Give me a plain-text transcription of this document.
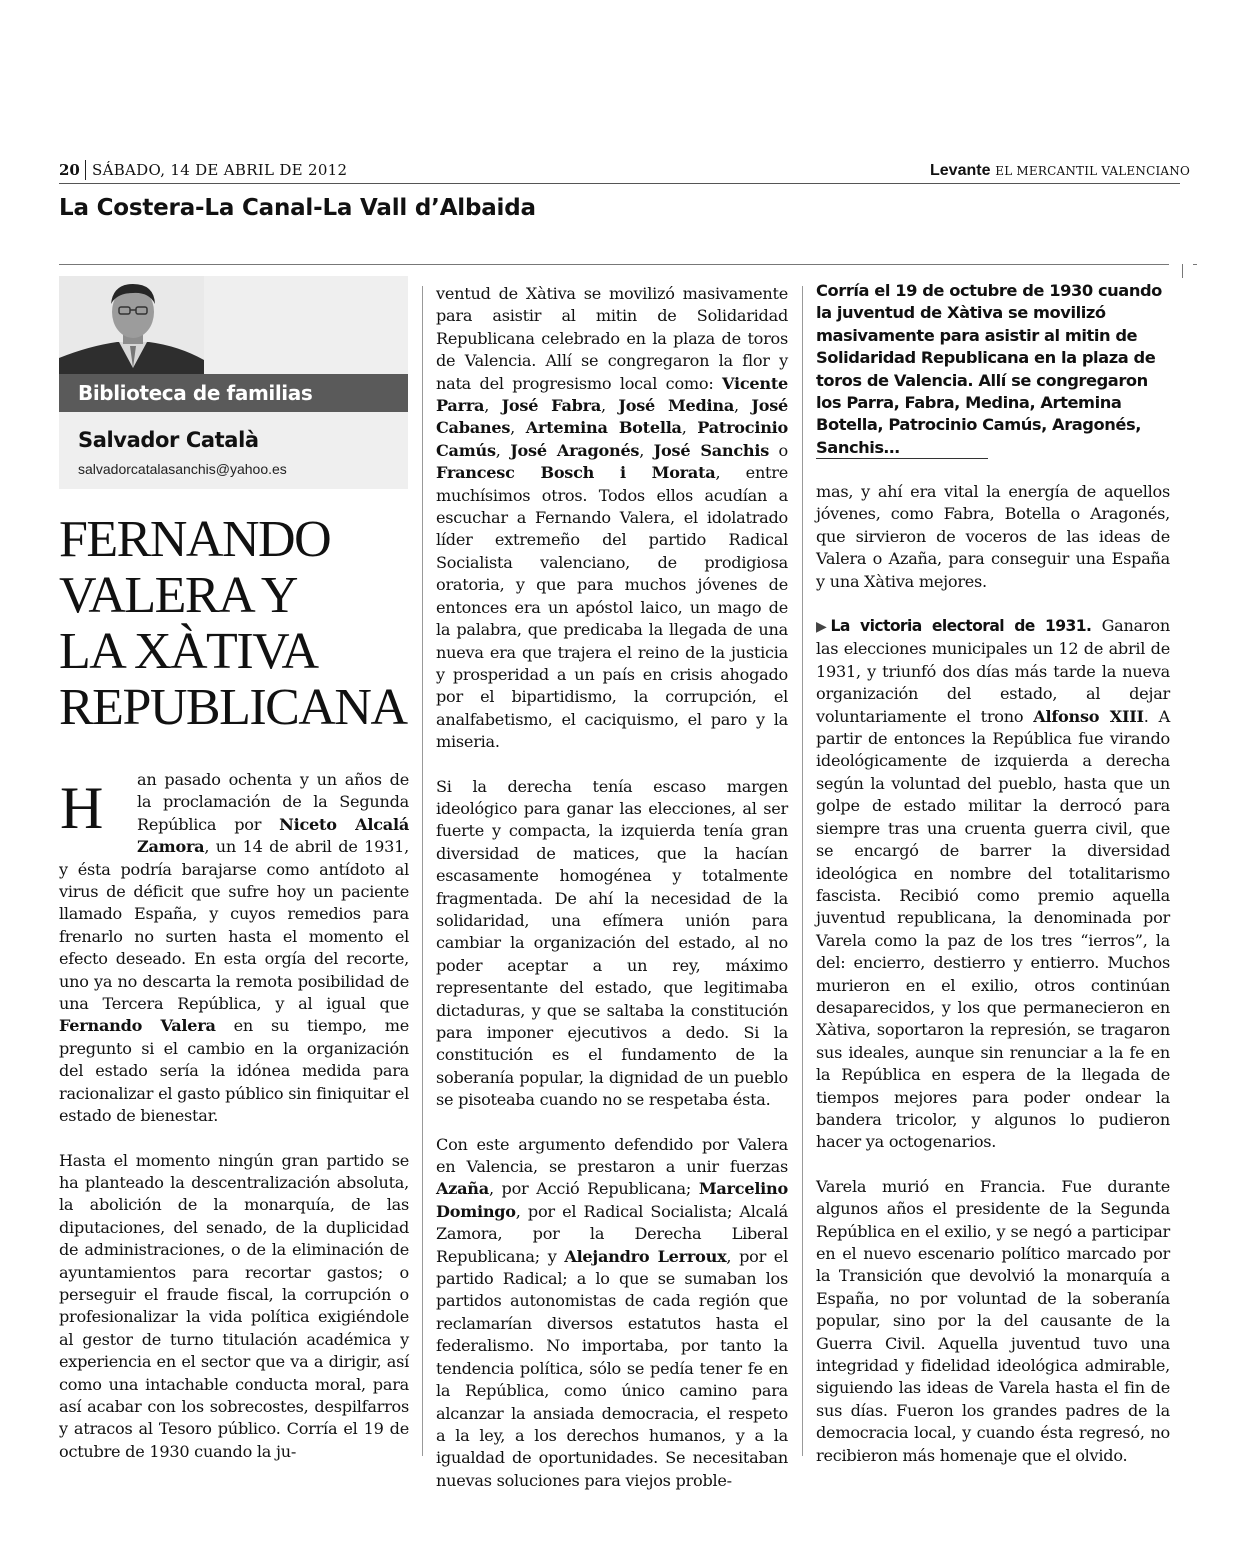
20 SÁBADO, 14 DE ABRIL DE 2012	Levante EL MERCANTIL VALENCIANO
La Costera-La Canal-La Vall d’Albaida
Biblioteca de familias
Salvador Català
salvadorcatalasanchis@yahoo.es
FERNANDO
VALERA Y
LA XÀTIVA
REPUBLICANA

H	an pasado ochenta y un años de la proclamación de la Segunda República por Niceto Alcalá Zamora, un 14 de abril de 1931, y ésta podría barajarse como antídoto al virus de déficit que sufre hoy un paciente llamado España, y cuyos remedios para frenarlo no surten hasta el momento el efecto deseado. En esta orgía del recorte, uno ya no descarta la remota posibilidad de una Tercera República, y al igual que Fernando Valera en su tiempo, me pregunto si el cambio en la organización del estado sería la idónea medida para racionalizar el gasto público sin finiquitar el estado de bienestar.

Hasta el momento ningún gran partido se ha planteado la descentralización absoluta, la abolición de la monarquía, de las diputaciones, del senado, de la duplicidad de administraciones, o de la eliminación de ayuntamientos para recortar gastos; o perseguir el fraude fiscal, la corrupción o profesionalizar la vida política exigiéndole al gestor de turno titulación académica y experiencia en el sector que va a dirigir, así como una intachable conducta moral, para así acabar con los sobrecostes, despilfarros y atracos al Tesoro público. Corría el 19 de octubre de 1930 cuando la ju-

ventud de Xàtiva se movilizó masivamente para asistir al mitin de Solidaridad Republicana celebrado en la plaza de toros de Valencia. Allí se congregaron la flor y nata del progresismo local como: Vicente Parra, José Fabra, José Medina, José Cabanes, Artemina Botella, Patrocinio Camús, José Aragonés, José Sanchis o Francesc Bosch i Morata, entre muchísimos otros. Todos ellos acudían a escuchar a Fernando Valera, el idolatrado líder extremeño del partido Radical Socialista valenciano, de prodigiosa oratoria, y que para muchos jóvenes de entonces era un apóstol laico, un mago de la palabra, que predicaba la llegada de una nueva era que trajera el reino de la justicia y prosperidad a un país en crisis ahogado por el bipartidismo, la corrupción, el analfabetismo, el caciquismo, el paro y la miseria.

Si la derecha tenía escaso margen ideológico para ganar las elecciones, al ser fuerte y compacta, la izquierda tenía gran diversidad de matices, que la hacían escasamente homogénea y totalmente fragmentada. De ahí la necesidad de la solidaridad, una efímera unión para cambiar la organización del estado, al no poder aceptar a un rey, máximo representante del estado, que legitimaba dictaduras, y que se saltaba la constitución para imponer ejecutivos a dedo. Si la constitución es el fundamento de la soberanía popular, la dignidad de un pueblo se pisoteaba cuando no se respetaba ésta.

Con este argumento defendido por Valera en Valencia, se prestaron a unir fuerzas Azaña, por Acció Republicana; Marcelino Domingo, por el Radical Socialista; Alcalá Zamora, por la Derecha Liberal Republicana; y Alejandro Lerroux, por el partido Radical; a lo que se sumaban los partidos autonomistas de cada región que reclamarían diversos estatutos hasta el federalismo. No importaba, por tanto la tendencia política, sólo se pedía tener fe en la República, como único camino para alcanzar la ansiada democracia, el respeto a la ley, a los derechos humanos, y a la igualdad de oportunidades. Se necesitaban nuevas soluciones para viejos proble-

Corría el 19 de octubre de 1930 cuando la juventud de Xàtiva se movilizó masivamente para asistir al mitin de Solidaridad Republicana en la plaza de toros de Valencia. Allí se congregaron los Parra, Fabra, Medina, Artemina Botella, Patrocinio Camús, Aragonés, Sanchis…

mas, y ahí era vital la energía de aquellos jóvenes, como Fabra, Botella o Aragonés, que sirvieron de voceros de las ideas de Valera o Azaña, para conseguir una España y una Xàtiva mejores.

▶ La victoria electoral de 1931. Ganaron las elecciones municipales un 12 de abril de 1931, y triunfó dos días más tarde la nueva organización del estado, al dejar voluntariamente el trono Alfonso XIII. A partir de entonces la República fue virando ideológicamente de izquierda a derecha según la voluntad del pueblo, hasta que un golpe de estado militar la derrocó para siempre tras una cruenta guerra civil, que se encargó de barrer la diversidad ideológica en nombre del totalitarismo fascista. Recibió como premio aquella juventud republicana, la denominada por Varela como la paz de los tres “ierros”, la del: encierro, destierro y entierro. Muchos murieron en el exilio, otros continúan desaparecidos, y los que permanecieron en Xàtiva, soportaron la represión, se tragaron sus ideales, aunque sin renunciar a la fe en la República en espera de la llegada de tiempos mejores para poder ondear la bandera tricolor, y algunos lo pudieron hacer ya octogenarios.

Varela murió en Francia. Fue durante algunos años el presidente de la Segunda República en el exilio, y se negó a participar en el nuevo escenario político marcado por la Transición que devolvió la monarquía a España, no por voluntad de la soberanía popular, sino por la del causante de la Guerra Civil. Aquella juventud tuvo una integridad y fidelidad ideológica admirable, siguiendo las ideas de Varela hasta el fin de sus días. Fueron los grandes padres de la democracia local, y cuando ésta regresó, no recibieron más homenaje que el olvido.
